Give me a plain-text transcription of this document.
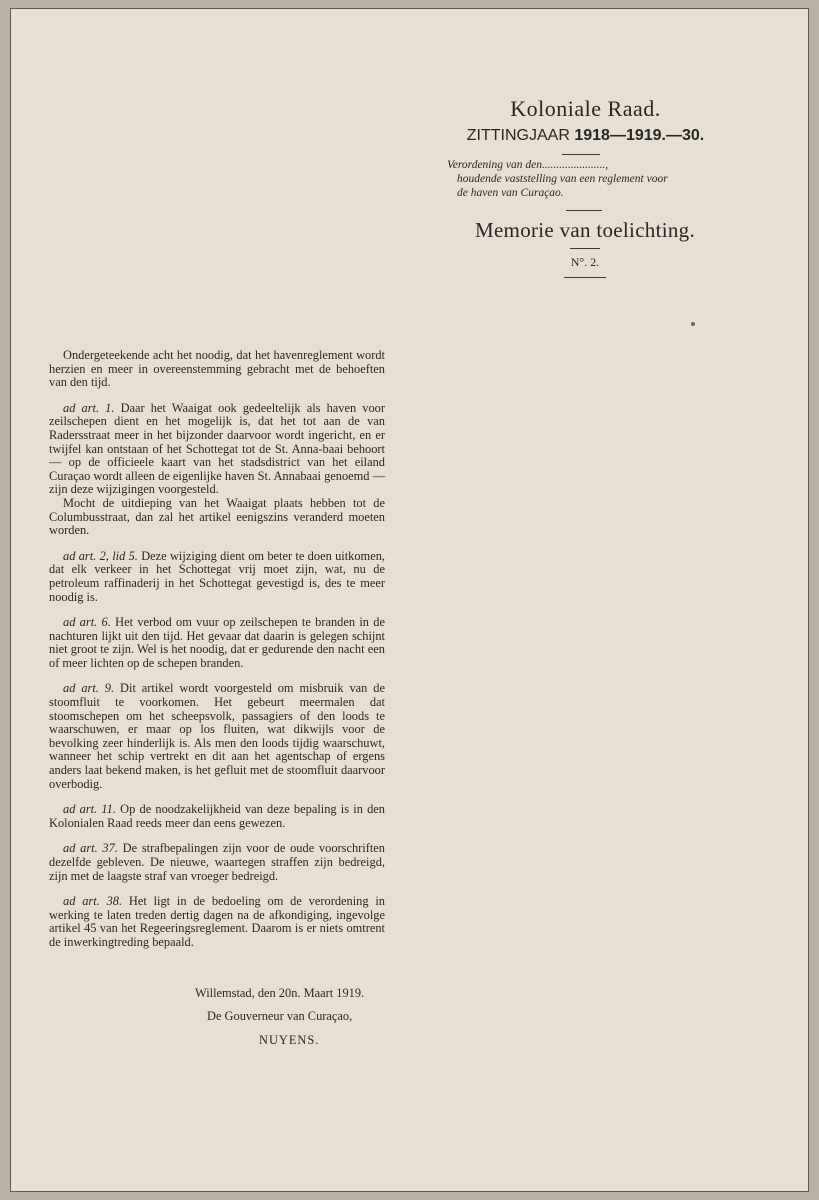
Koloniale Raad.
ZITTINGJAAR 1918—1919.—30.
Verordening van den......................,
houdende vaststelling van een reglement voor
de haven van Curaçao.
Memorie van toelichting.
N°. 2.

Ondergeteekende acht het noodig, dat het havenreglement wordt herzien en meer in overeenstemming gebracht met de behoeften van den tijd.

ad art. 1. Daar het Waaigat ook gedeeltelijk als haven voor zeilschepen dient en het mogelijk is, dat het tot aan de van Radersstraat meer in het bijzonder daarvoor wordt ingericht, en er twijfel kan ontstaan of het Schottegat tot de St. Anna-baai behoort — op de officieele kaart van het stadsdistrict van het eiland Curaçao wordt alleen de eigenlijke haven St. Annabaai genoemd — zijn deze wijzigingen voorgesteld.

Mocht de uitdieping van het Waaigat plaats hebben tot de Columbusstraat, dan zal het artikel eenigszins veranderd moeten worden.

ad art. 2, lid 5. Deze wijziging dient om beter te doen uitkomen, dat elk verkeer in het Schottegat vrij moet zijn, wat, nu de petroleum raffinaderij in het Schottegat gevestigd is, des te meer noodig is.

ad art. 6. Het verbod om vuur op zeilschepen te branden in de nachturen lijkt uit den tijd. Het gevaar dat daarin is gelegen schijnt niet groot te zijn. Wel is het noodig, dat er gedurende den nacht een of meer lichten op de schepen branden.

ad art. 9. Dit artikel wordt voorgesteld om misbruik van de stoomfluit te voorkomen. Het gebeurt meermalen dat stoomschepen om het scheepsvolk, passagiers of den loods te waarschuwen, er maar op los fluiten, wat dikwijls voor de bevolking zeer hinderlijk is. Als men den loods tijdig waarschuwt, wanneer het schip vertrekt en dit aan het agentschap of ergens anders laat bekend maken, is het gefluit met de stoomfluit daarvoor overbodig.

ad art. 11. Op de noodzakelijkheid van deze bepaling is in den Kolonialen Raad reeds meer dan eens gewezen.

ad art. 37. De strafbepalingen zijn voor de oude voorschriften dezelfde gebleven. De nieuwe, waartegen straffen zijn bedreigd, zijn met de laagste straf van vroeger bedreigd.

ad art. 38. Het ligt in de bedoeling om de verordening in werking te laten treden dertig dagen na de afkondiging, ingevolge artikel 45 van het Regeeringsreglement. Daarom is er niets omtrent de inwerkingtreding bepaald.

Willemstad, den 20n. Maart 1919.
De Gouverneur van Curaçao,
NUYENS.
